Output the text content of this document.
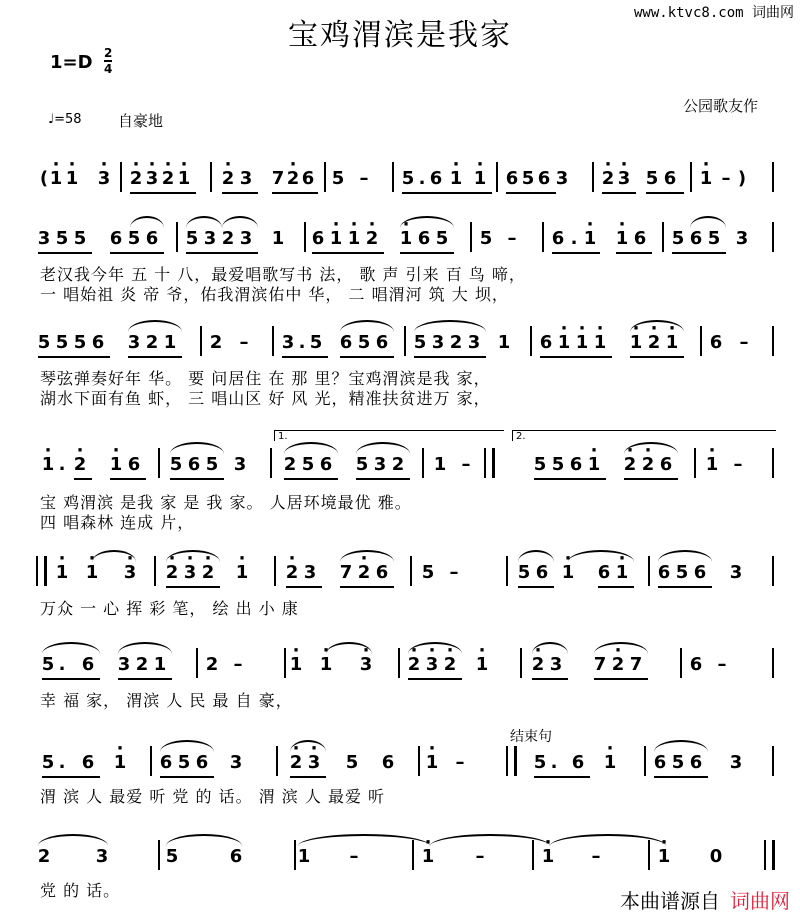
www.ktvc8.com 词曲网
宝鸡渭滨是我家
$1=D \frac{2}{4}$
♩=58 自豪地
公园歌友作
( · 1 · 1 · 3 · 2 · 3 · 2 · 1 · 2 3 7 · 2 6 5 – 5 . 6 · 1 · 1 6 5 6 3 · 2 · 3 5 6 · 1 – )
3 5 5 6 5 6 5 3 2 3 1 6 · 1 · 1 · 2 · 1 6 5 5 – 6 . · 1 · 1 6 5 6 5 3
老汉我今年 五 十 八，最爱唱歌写书 法， 歌 声 引来 百 鸟 啼，
一 唱始祖 炎 帝 爷，佑我渭滨佑中 华， 二 唱渭河 筑 大 坝，
5 5 5 6 3 2 1 2 – 3 . 5 6 5 6 5 3 2 3 1 6 · 1 · 1 · 1 · 1 · 2 · 1 6 –
琴弦弹奏好年 华。 要 问居住 在 那 里？宝鸡渭滨是我 家，
湖水下面有鱼 虾， 三 唱山区 好 风 光，精准扶贫进万 家，
1.	2.
· 1 . · 2 · 1 6 5 6 5 3 2 5 6 5 3 2 1 –	5 5 6 · 1 · 2 · 2 6 · 1 –
宝 鸡渭滨 是我 家 是 我 家。 人居环境最优 雅。
四 唱森林 连成 片，
· 1 · 1 · 3 · 2 · 3 · 2 · 1 · 2 3 7 · 2 6 5 –	5 6 · 1 6 · 1 6 5 6 3
万众 一 心 挥 彩 笔， 绘 出 小 康
5 . 6 3 2 1 2 –	· 1 · 1 · 3 · 2 · 3 · 2 · 1 · 2 3 7 · 2 7	6 –
幸 福 家， 渭滨 人 民 最 自 豪，
结束句
5 . 6 · 1 6 5 6 3	· 2 · 3 5 6 · 1 –	5 . 6 · 1 6 5 6 3
渭 滨 人 最爱 听 党 的 话。 渭 滨 人 最爱 听
2	3	5	6	1 –	· 1 –	· 1 –	· 1 0
党 的 话。	本曲谱源自 词曲网
